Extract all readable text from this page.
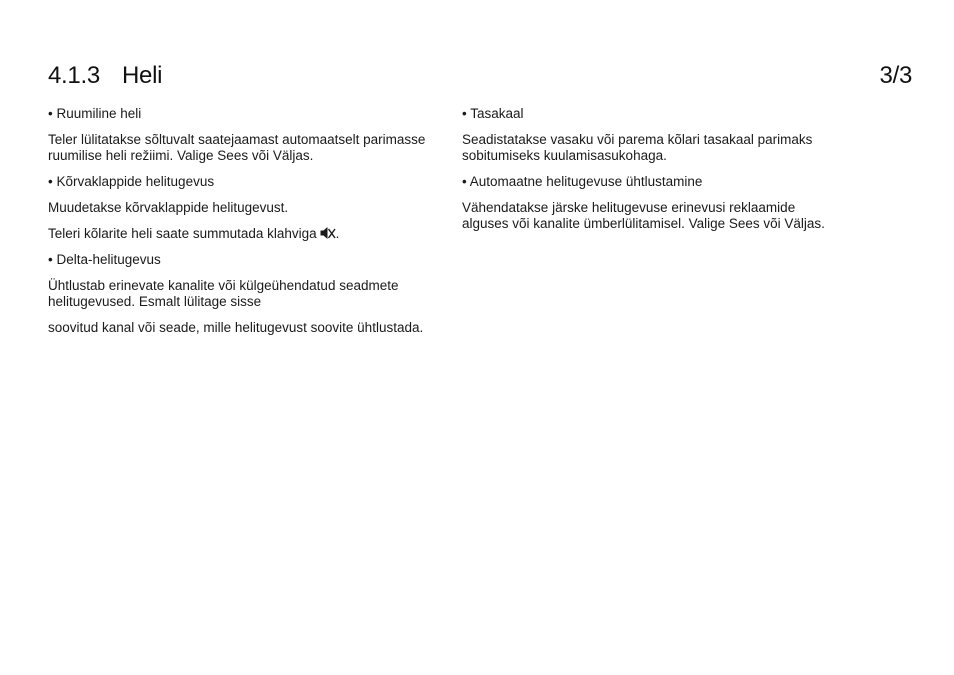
4.1.3 Heli	3/3
• Ruumiline heli
Teler lülitatakse sõltuvalt saatejaamast automaatselt parimasse ruumilise heli režiimi. Valige Sees või Väljas.
• Kõrvaklappide helitugevus
Muudetakse kõrvaklappide helitugevust.
Teleri kõlarite heli saate summutada klahviga .
• Delta-helitugevus
Ühtlustab erinevate kanalite või külgeühendatud seadmete helitugevused. Esmalt lülitage sisse
soovitud kanal või seade, mille helitugevust soovite ühtlustada.
• Tasakaal
Seadistatakse vasaku või parema kõlari tasakaal parimaks sobitumiseks kuulamisasukohaga.
• Automaatne helitugevuse ühtlustamine
Vähendatakse järske helitugevuse erinevusi reklaamide alguses või kanalite ümberlülitamisel. Valige Sees või Väljas.
